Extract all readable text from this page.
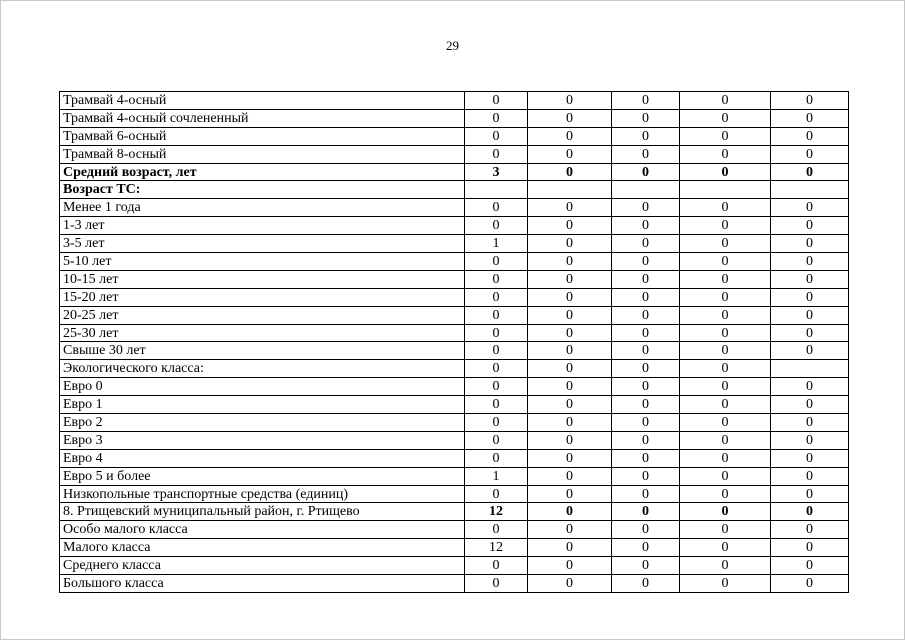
29
Трамвай 4-осный	0	0	0	0	0
Трамвай 4-осный сочлененный	0	0	0	0	0
Трамвай 6-осный	0	0	0	0	0
Трамвай 8-осный	0	0	0	0	0
Средний возраст, лет	3	0	0	0	0
Возраст ТС:					
Менее 1 года	0	0	0	0	0
1-3 лет	0	0	0	0	0
3-5 лет	1	0	0	0	0
5-10 лет	0	0	0	0	0
10-15 лет	0	0	0	0	0
15-20 лет	0	0	0	0	0
20-25 лет	0	0	0	0	0
25-30 лет	0	0	0	0	0
Свыше 30 лет	0	0	0	0	0
Экологического класса:	0	0	0	0	
Евро 0	0	0	0	0	0
Евро 1	0	0	0	0	0
Евро 2	0	0	0	0	0
Евро 3	0	0	0	0	0
Евро 4	0	0	0	0	0
Евро 5 и более	1	0	0	0	0
Низкопольные транспортные средства (единиц)	0	0	0	0	0
8. Ртищевский муниципальный район, г. Ртищево	12	0	0	0	0
Особо малого класса	0	0	0	0	0
Малого класса	12	0	0	0	0
Среднего класса	0	0	0	0	0
Большого класса	0	0	0	0	0
